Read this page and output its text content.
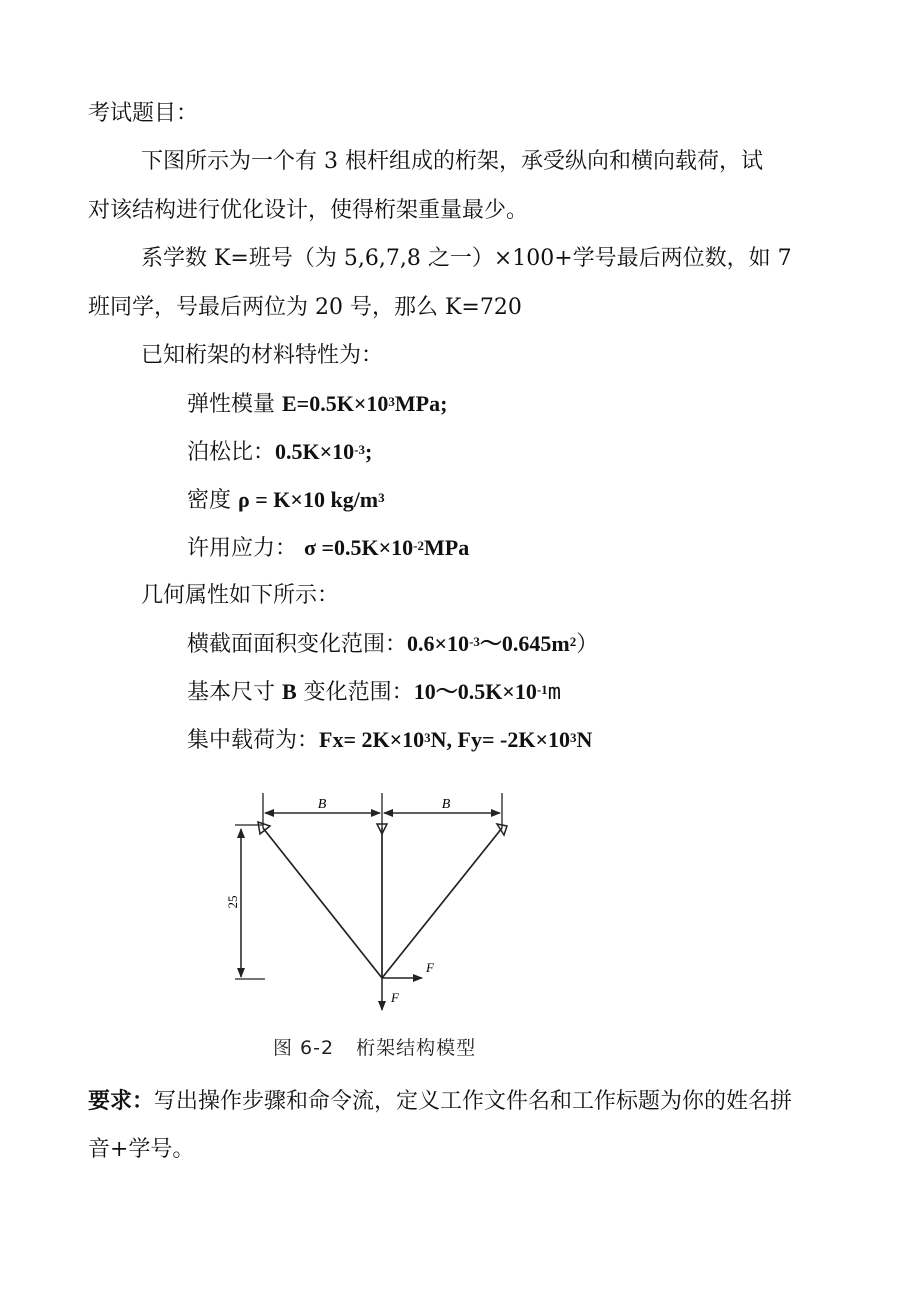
考试题目：
下图所示为一个有 3 根杆组成的桁架，承受纵向和横向载荷，试
对该结构进行优化设计，使得桁架重量最少。
系学数 K=班号（为 5,6,7,8 之一）×100+学号最后两位数，如 7
班同学，号最后两位为 20 号，那么 K=720
已知桁架的材料特性为：
弹性模量 $E=0.5K\times 10^3MPa$;
泊松比：$0.5K\times 10^{-3}$;
密度 ρ = K×10 $kg/m^3$
许用应力： $\sigma =0.5K\times 10^{-2}MPa$
几何属性如下所示：
横截面面积变化范围：$0.6\times 10^{-3}\sim 0.645m^2$）
基本尺寸 B 变化范围：$10\sim 0.5K\times 10^{-1}m$
集中载荷为：$Fx= 2K\times 10^3N$, $Fy= -2K\times 10^3N$
B	B
25
F
F
图 6-2 桁架结构模型
要求：写出操作步骤和命令流，定义工作文件名和工作标题为你的姓名拼
音+学号。
